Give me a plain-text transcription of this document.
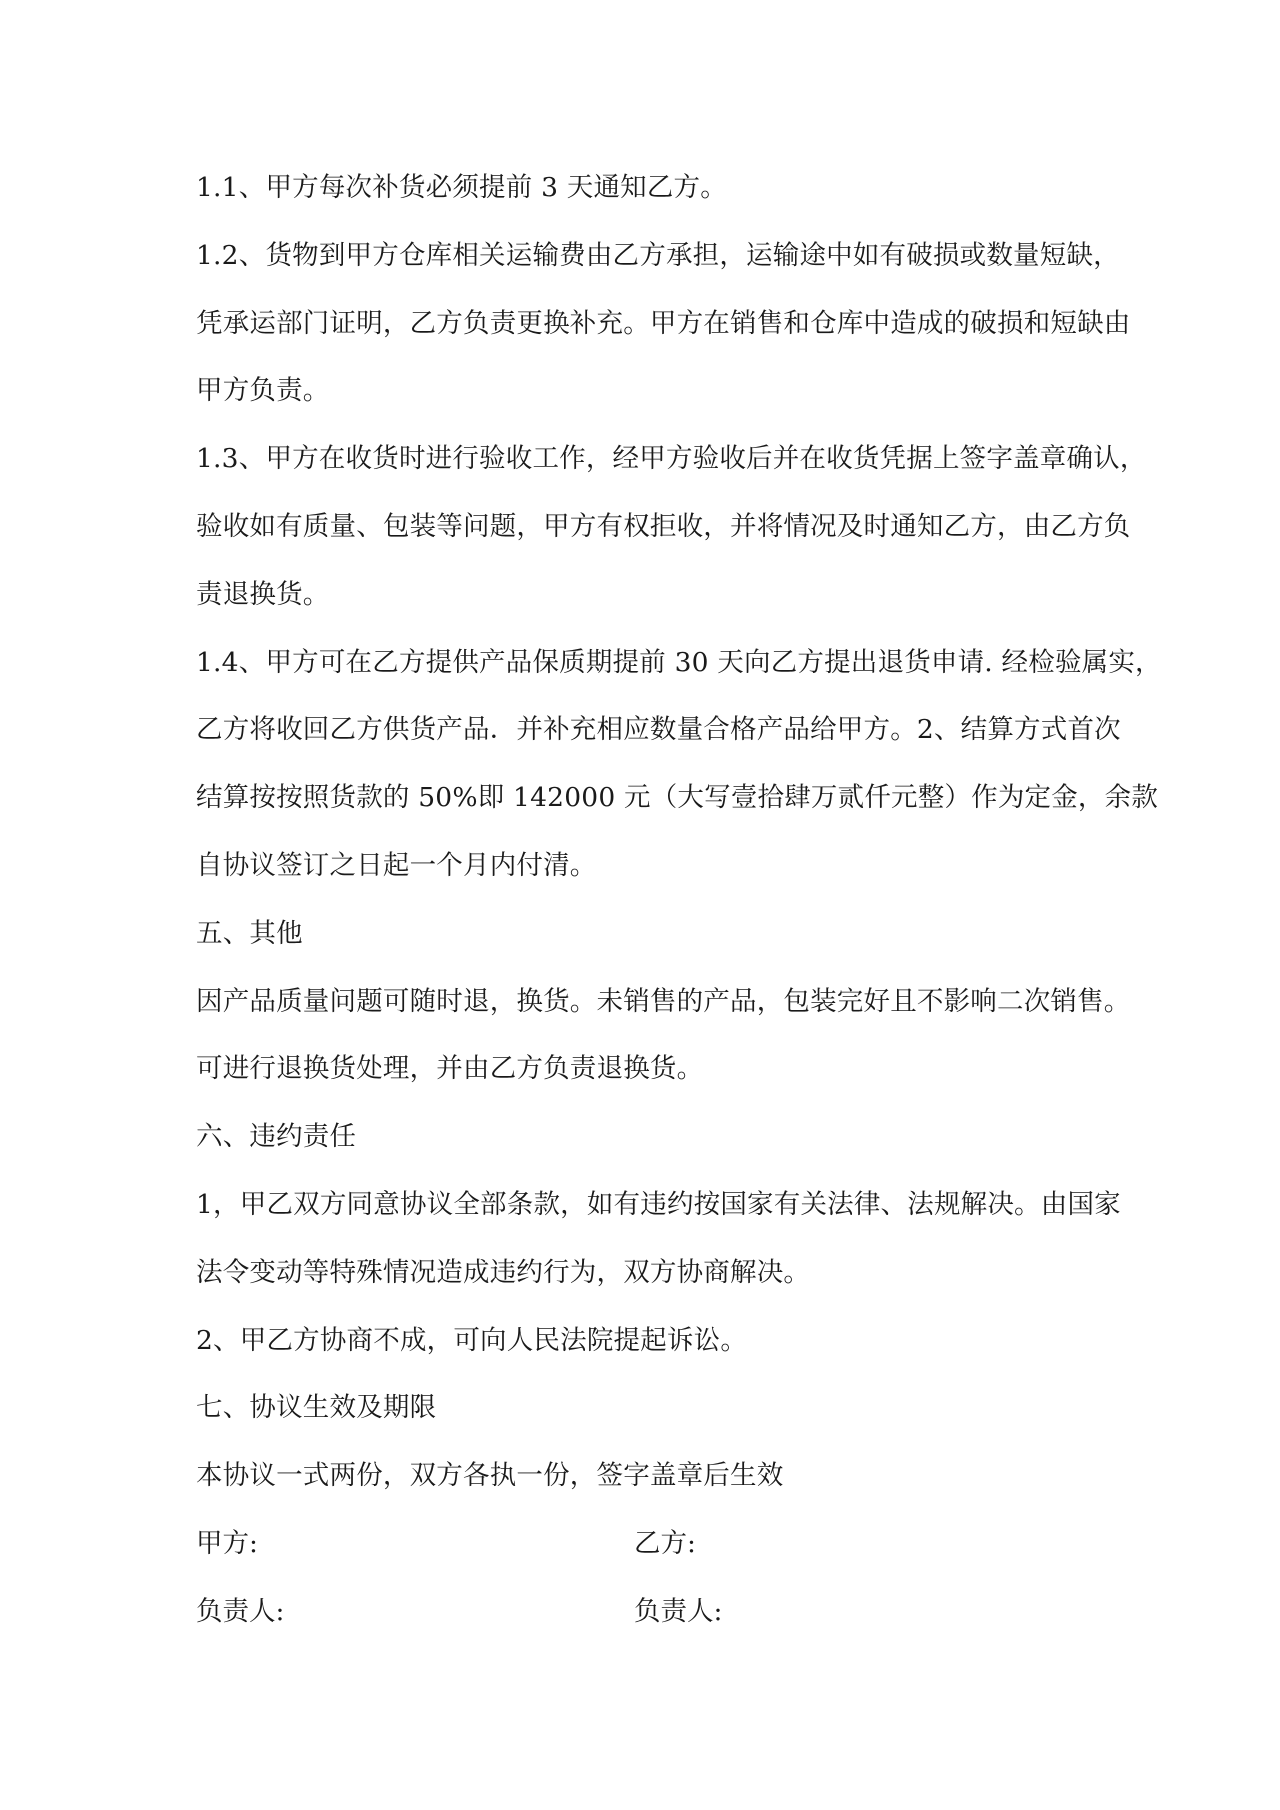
1.1、甲方每次补货必须提前 3 天通知乙方。
1.2、货物到甲方仓库相关运输费由乙方承担，运输途中如有破损或数量短缺，
凭承运部门证明，乙方负责更换补充。甲方在销售和仓库中造成的破损和短缺由
甲方负责。
1.3、甲方在收货时进行验收工作，经甲方验收后并在收货凭据上签字盖章确认，
验收如有质量、包装等问题，甲方有权拒收，并将情况及时通知乙方，由乙方负
责退换货。
1.4、甲方可在乙方提供产品保质期提前 30 天向乙方提出退货申请. 经检验属实，
乙方将收回乙方供货产品．并补充相应数量合格产品给甲方。2、结算方式首次
结算按按照货款的 50%即 142000 元（大写壹拾肆万贰仟元整）作为定金，余款
自协议签订之日起一个月内付清。
五、其他
因产品质量问题可随时退，换货。未销售的产品，包装完好且不影响二次销售。
可进行退换货处理，并由乙方负责退换货。
六、违约责任
1，甲乙双方同意协议全部条款，如有违约按国家有关法律、法规解决。由国家
法令变动等特殊情况造成违约行为，双方协商解决。
2、甲乙方协商不成，可向人民法院提起诉讼。
七、协议生效及期限
本协议一式两份，双方各执一份，签字盖章后生效
甲方:	乙方:
负责人:	负责人:
